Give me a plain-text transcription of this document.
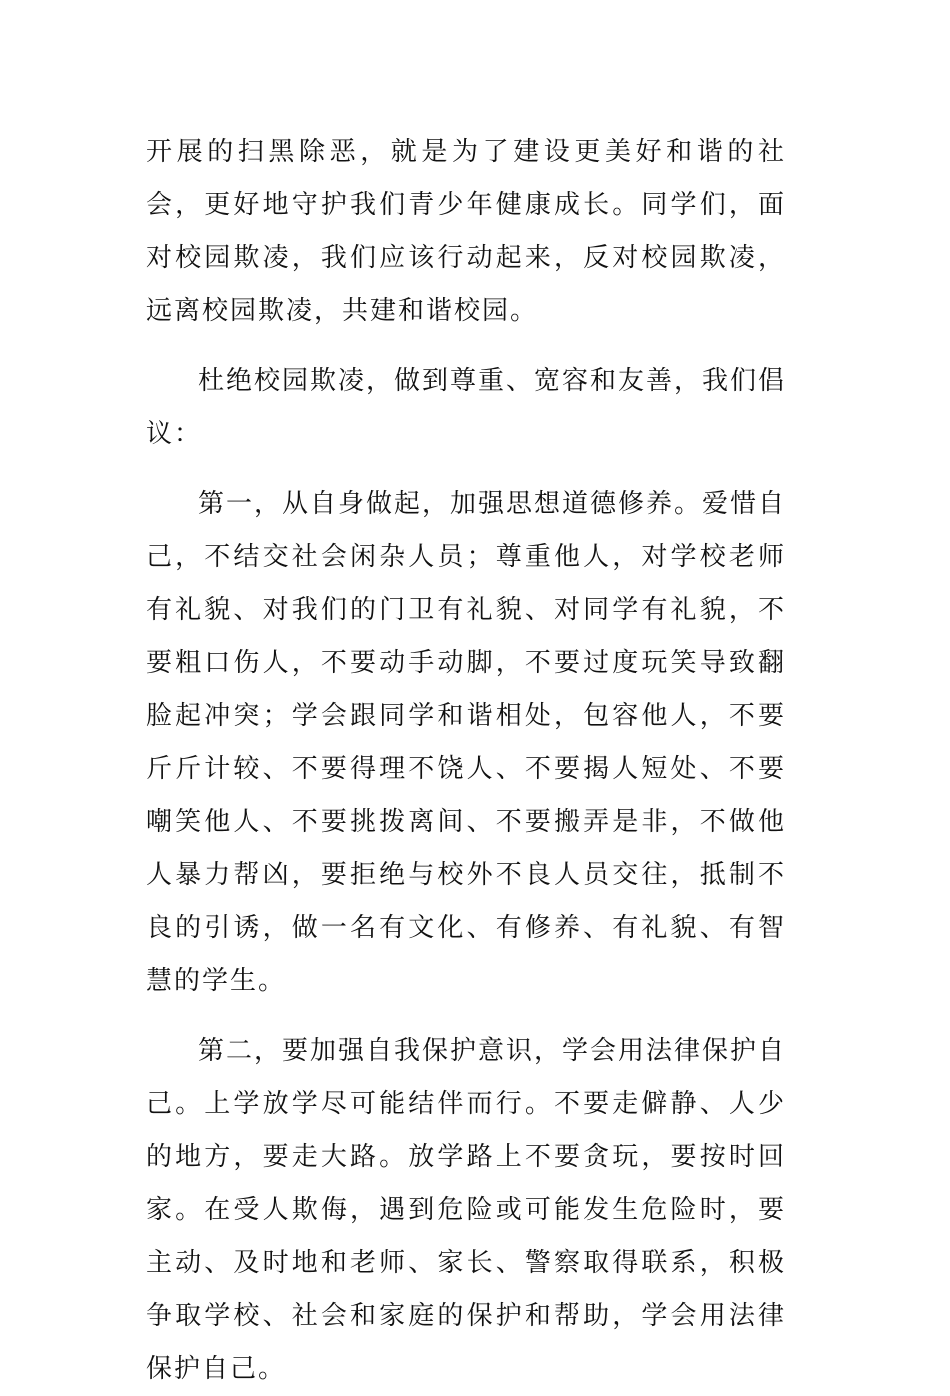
开展的扫黑除恶，就是为了建设更美好和谐的社会，更好地守护我们青少年健康成长。同学们，面对校园欺凌，我们应该行动起来，反对校园欺凌，远离校园欺凌，共建和谐校园。

杜绝校园欺凌，做到尊重、宽容和友善，我们倡议：

第一，从自身做起，加强思想道德修养。爱惜自己，不结交社会闲杂人员；尊重他人，对学校老师有礼貌、对我们的门卫有礼貌、对同学有礼貌，不要粗口伤人，不要动手动脚，不要过度玩笑导致翻脸起冲突；学会跟同学和谐相处，包容他人，不要斤斤计较、不要得理不饶人、不要揭人短处、不要嘲笑他人、不要挑拨离间、不要搬弄是非，不做他人暴力帮凶，要拒绝与校外不良人员交往，抵制不良的引诱，做一名有文化、有修养、有礼貌、有智慧的学生。

第二，要加强自我保护意识，学会用法律保护自己。上学放学尽可能结伴而行。不要走僻静、人少的地方，要走大路。放学路上不要贪玩，要按时回家。在受人欺侮，遇到危险或可能发生危险时，要主动、及时地和老师、家长、警察取得联系，积极争取学校、社会和家庭的保护和帮助，学会用法律保护自己。
